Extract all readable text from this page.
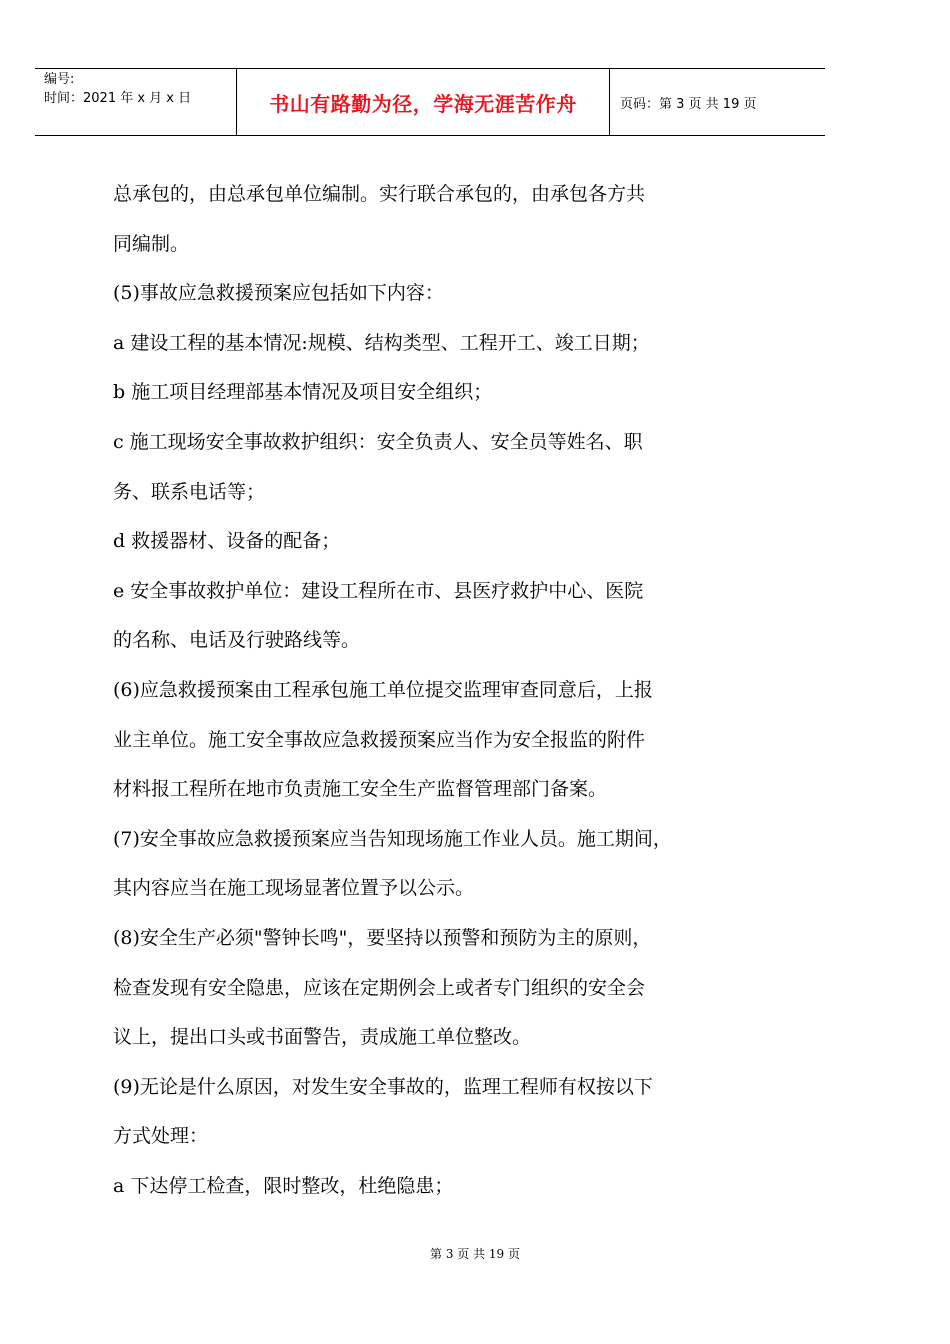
编号:
时间：2021 年 x 月 x 日	书山有路勤为径，学海无涯苦作舟	页码：第 3 页 共 19 页
总承包的，由总承包单位编制。实行联合承包的，由承包各方共
同编制。
(5)事故应急救援预案应包括如下内容：
a 建设工程的基本情况:规模、结构类型、工程开工、竣工日期；
b 施工项目经理部基本情况及项目安全组织；
c 施工现场安全事故救护组织：安全负责人、安全员等姓名、职
务、联系电话等；
d 救援器材、设备的配备；
e 安全事故救护单位：建设工程所在市、县医疗救护中心、医院
的名称、电话及行驶路线等。
(6)应急救援预案由工程承包施工单位提交监理审查同意后，上报
业主单位。施工安全事故应急救援预案应当作为安全报监的附件
材料报工程所在地市负责施工安全生产监督管理部门备案。
(7)安全事故应急救援预案应当告知现场施工作业人员。施工期间，
其内容应当在施工现场显著位置予以公示。
(8)安全生产必须"警钟长鸣"，要坚持以预警和预防为主的原则，
检查发现有安全隐患，应该在定期例会上或者专门组织的安全会
议上，提出口头或书面警告，责成施工单位整改。
(9)无论是什么原因，对发生安全事故的，监理工程师有权按以下
方式处理：
a 下达停工检查，限时整改，杜绝隐患；
第 3 页 共 19 页
